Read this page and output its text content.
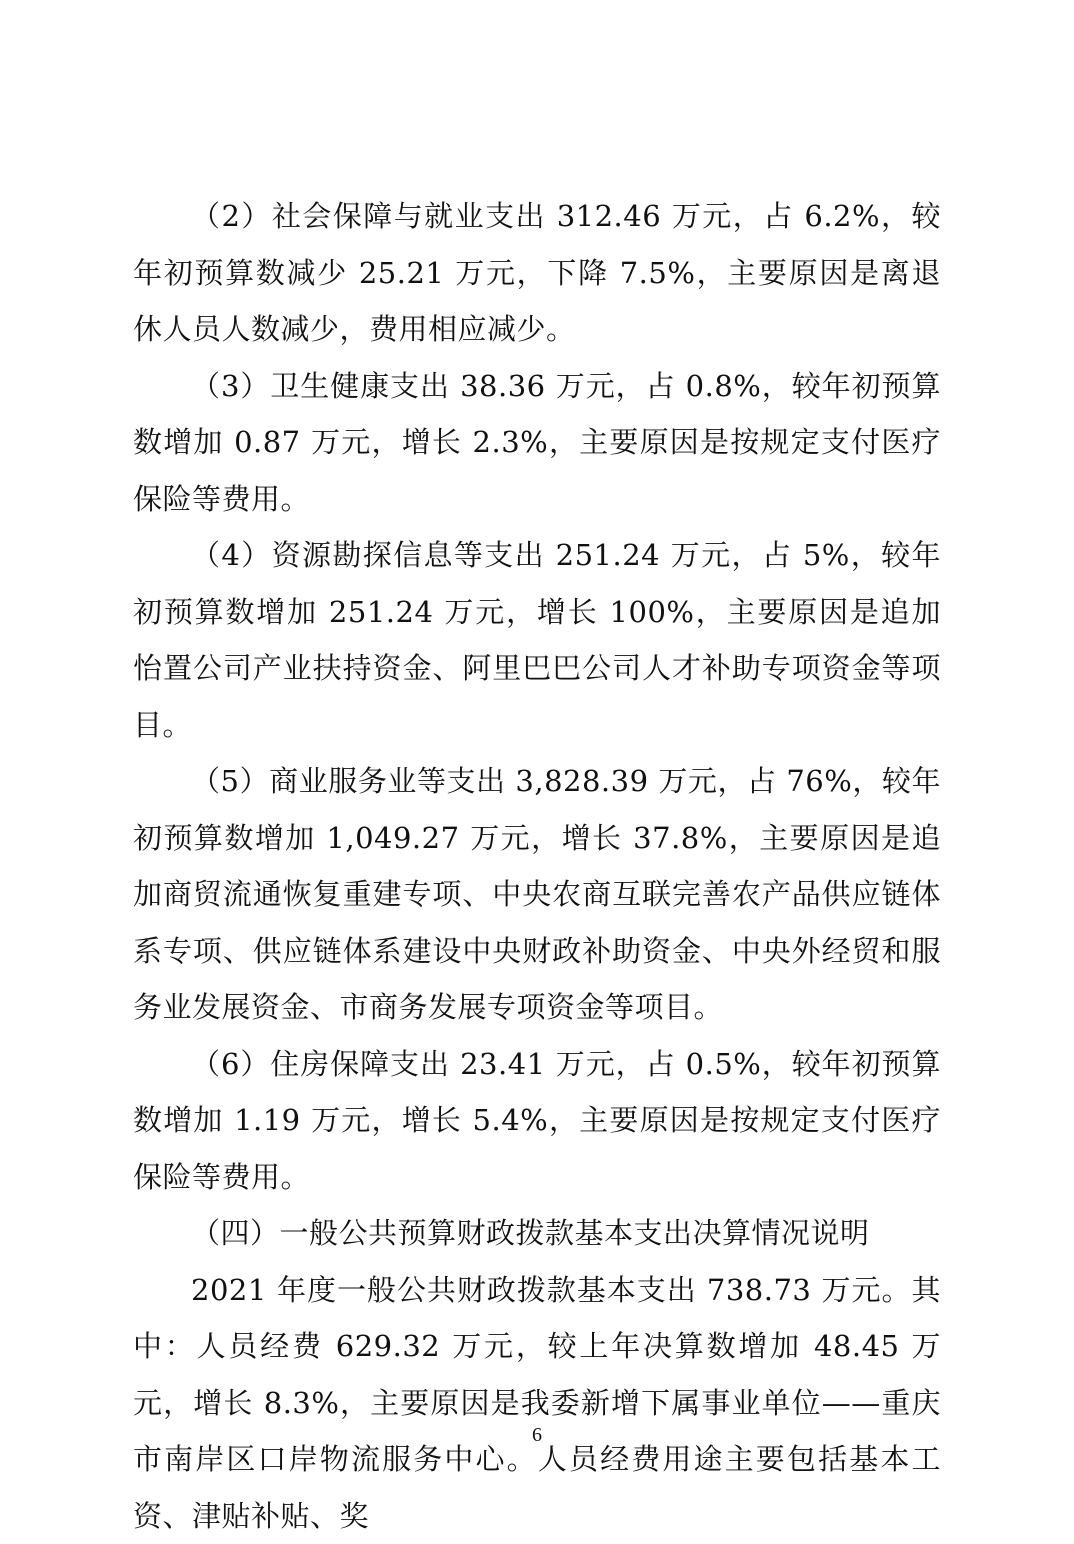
（2）社会保障与就业支出 312.46 万元，占 6.2%，较年初预算数减少 25.21 万元，下降 7.5%，主要原因是离退休人员人数减少，费用相应减少。

（3）卫生健康支出 38.36 万元，占 0.8%，较年初预算数增加 0.87 万元，增长 2.3%，主要原因是按规定支付医疗保险等费用。

（4）资源勘探信息等支出 251.24 万元，占 5%，较年初预算数增加 251.24 万元，增长 100%，主要原因是追加怡置公司产业扶持资金、阿里巴巴公司人才补助专项资金等项目。

（5）商业服务业等支出 3,828.39 万元，占 76%，较年初预算数增加 1,049.27 万元，增长 37.8%，主要原因是追加商贸流通恢复重建专项、中央农商互联完善农产品供应链体系专项、供应链体系建设中央财政补助资金、中央外经贸和服务业发展资金、市商务发展专项资金等项目。

（6）住房保障支出 23.41 万元，占 0.5%，较年初预算数增加 1.19 万元，增长 5.4%，主要原因是按规定支付医疗保险等费用。

（四）一般公共预算财政拨款基本支出决算情况说明

2021 年度一般公共财政拨款基本支出 738.73 万元。其中：人员经费 629.32 万元，较上年决算数增加 48.45 万元，增长 8.3%，主要原因是我委新增下属事业单位——重庆市南岸区口岸物流服务中心。人员经费用途主要包括基本工资、津贴补贴、奖

6
